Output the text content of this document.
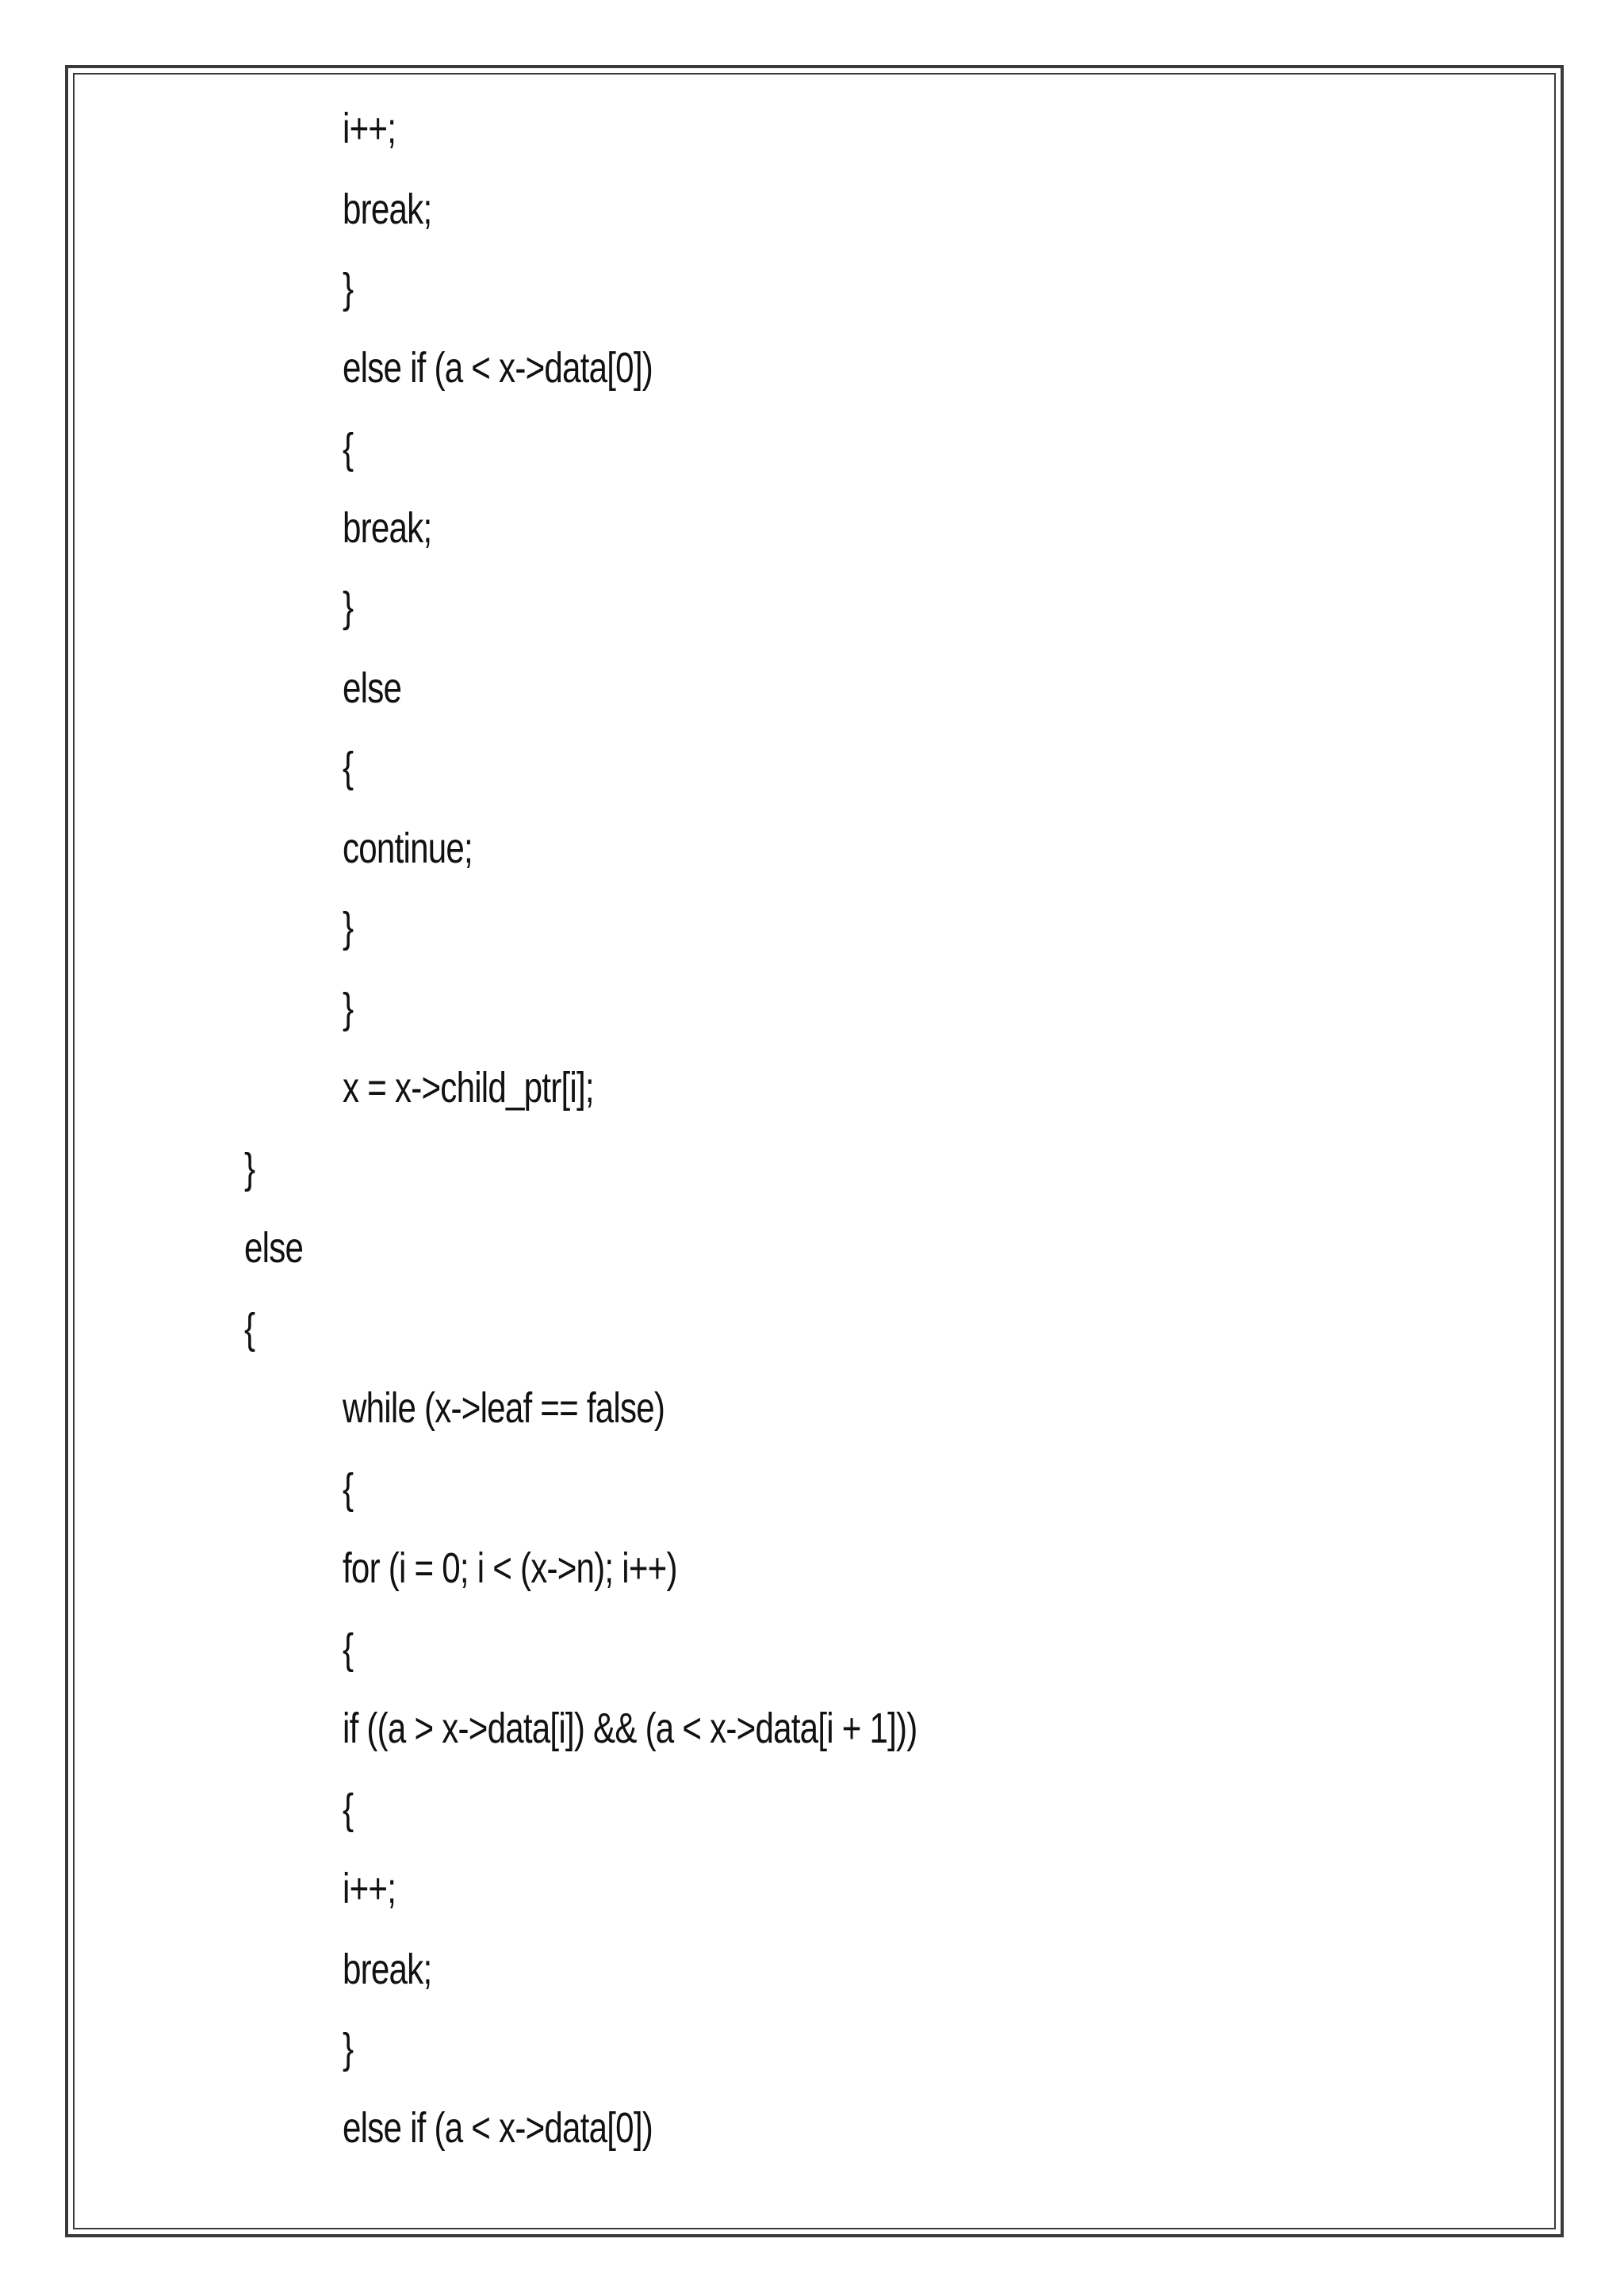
i++;

break;

}

else if (a < x->data[0])

{

break;

}

else

{

continue;

}

}

x = x->child_ptr[i];

}

else

{

while (x->leaf == false)

{

for (i = 0; i < (x->n); i++)

{

if ((a > x->data[i]) && (a < x->data[i + 1]))

{

i++;

break;

}

else if (a < x->data[0])
